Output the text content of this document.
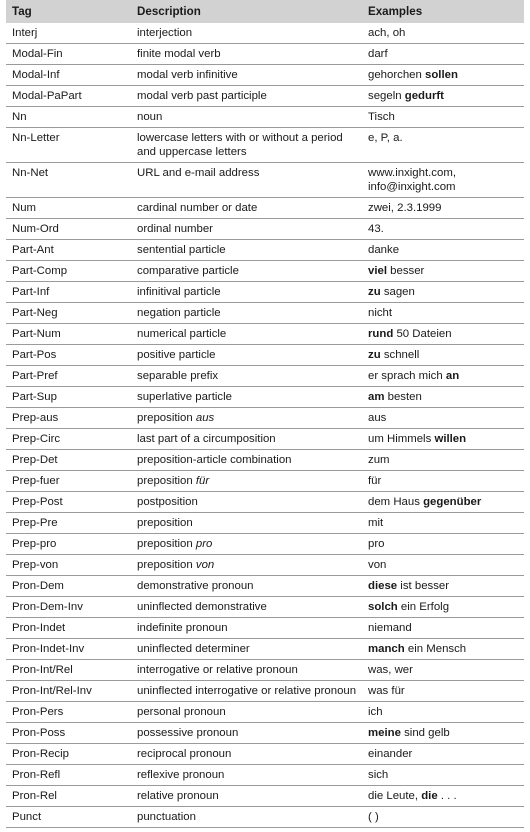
Tag	Description	Examples
Interj	interjection	ach, oh
Modal-Fin	finite modal verb	darf
Modal-Inf	modal verb infinitive	gehorchen sollen
Modal-PaPart	modal verb past participle	segeln gedurft
Nn	noun	Tisch
Nn-Letter	lowercase letters with or without a period and uppercase letters	e, P, a.
Nn-Net	URL and e-mail address	www.inxight.com, info@inxight.com
Num	cardinal number or date	zwei, 2.3.1999
Num-Ord	ordinal number	43.
Part-Ant	sentential particle	danke
Part-Comp	comparative particle	viel besser
Part-Inf	infinitival particle	zu sagen
Part-Neg	negation particle	nicht
Part-Num	numerical particle	rund 50 Dateien
Part-Pos	positive particle	zu schnell
Part-Pref	separable prefix	er sprach mich an
Part-Sup	superlative particle	am besten
Prep-aus	preposition aus	aus
Prep-Circ	last part of a circumposition	um Himmels willen
Prep-Det	preposition-article combination	zum
Prep-fuer	preposition für	für
Prep-Post	postposition	dem Haus gegenüber
Prep-Pre	preposition	mit
Prep-pro	preposition pro	pro
Prep-von	preposition von	von
Pron-Dem	demonstrative pronoun	diese ist besser
Pron-Dem-Inv	uninflected demonstrative	solch ein Erfolg
Pron-Indet	indefinite pronoun	niemand
Pron-Indet-Inv	uninflected determiner	manch ein Mensch
Pron-Int/Rel	interrogative or relative pronoun	was, wer
Pron-Int/Rel-Inv	uninflected interrogative or relative pronoun	was für
Pron-Pers	personal pronoun	ich
Pron-Poss	possessive pronoun	meine sind gelb
Pron-Recip	reciprocal pronoun	einander
Pron-Refl	reflexive pronoun	sich
Pron-Rel	relative pronoun	die Leute, die . . .
Punct	punctuation	( )
